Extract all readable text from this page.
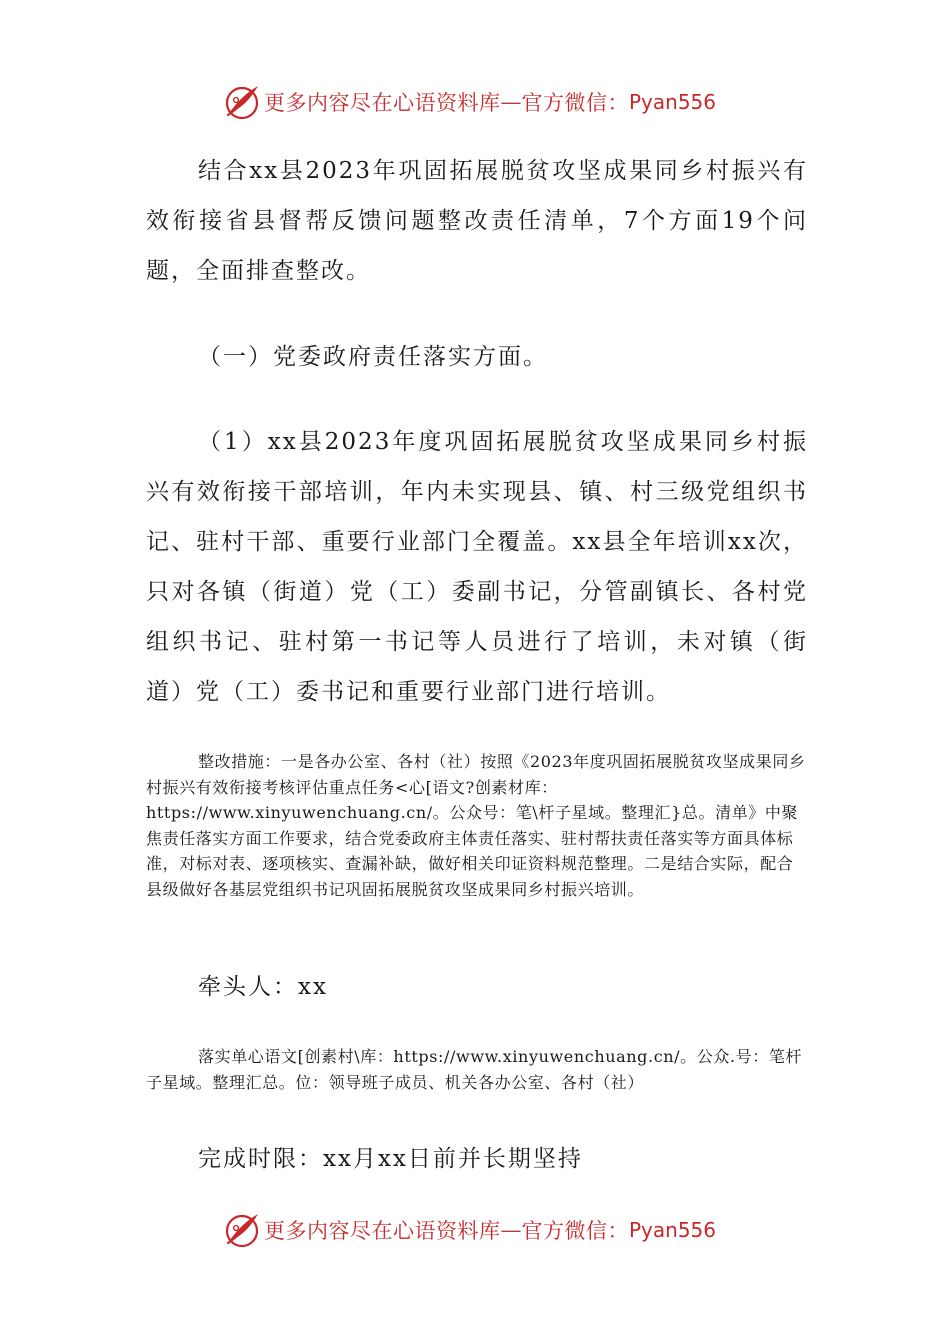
更多内容尽在心语资料库 — 官方微信： Pyan556

结合xx县2023年巩固拓展脱贫攻坚成果同乡村振兴有效衔接省县督帮反馈问题整改责任清单，7个方面19个问题，全面排查整改。

（一）党委政府责任落实方面。

（1）xx县2023年度巩固拓展脱贫攻坚成果同乡村振兴有效衔接干部培训，年内未实现县、镇、村三级党组织书记、驻村干部、重要行业部门全覆盖。xx县全年培训xx次，只对各镇（街道）党（工）委副书记，分管副镇长、各村党组织书记、驻村第一书记等人员进行了培训，未对镇（街道）党（工）委书记和重要行业部门进行培训。

整改措施：一是各办公室、各村（社）按照《2023年度巩固拓展脱贫攻坚成果同乡村振兴有效衔接考核评估重点任务<心[语文?创素材库：https://www.xinyuwenchuang.cn/。公众号：笔\杆子星域。整理汇}总。清单》中聚焦责任落实方面工作要求，结合党委政府主体责任落实、驻村帮扶责任落实等方面具体标准，对标对表、逐项核实、查漏补缺，做好相关印证资料规范整理。二是结合实际，配合县级做好各基层党组织书记巩固拓展脱贫攻坚成果同乡村振兴培训。

牵头人：xx

落实单心语文[创素村\库：https://www.xinyuwenchuang.cn/。公众.号：笔杆子星域。整理汇总。位：领导班子成员、机关各办公室、各村（社）

完成时限：xx月xx日前并长期坚持

更多内容尽在心语资料库 — 官方微信： Pyan556
